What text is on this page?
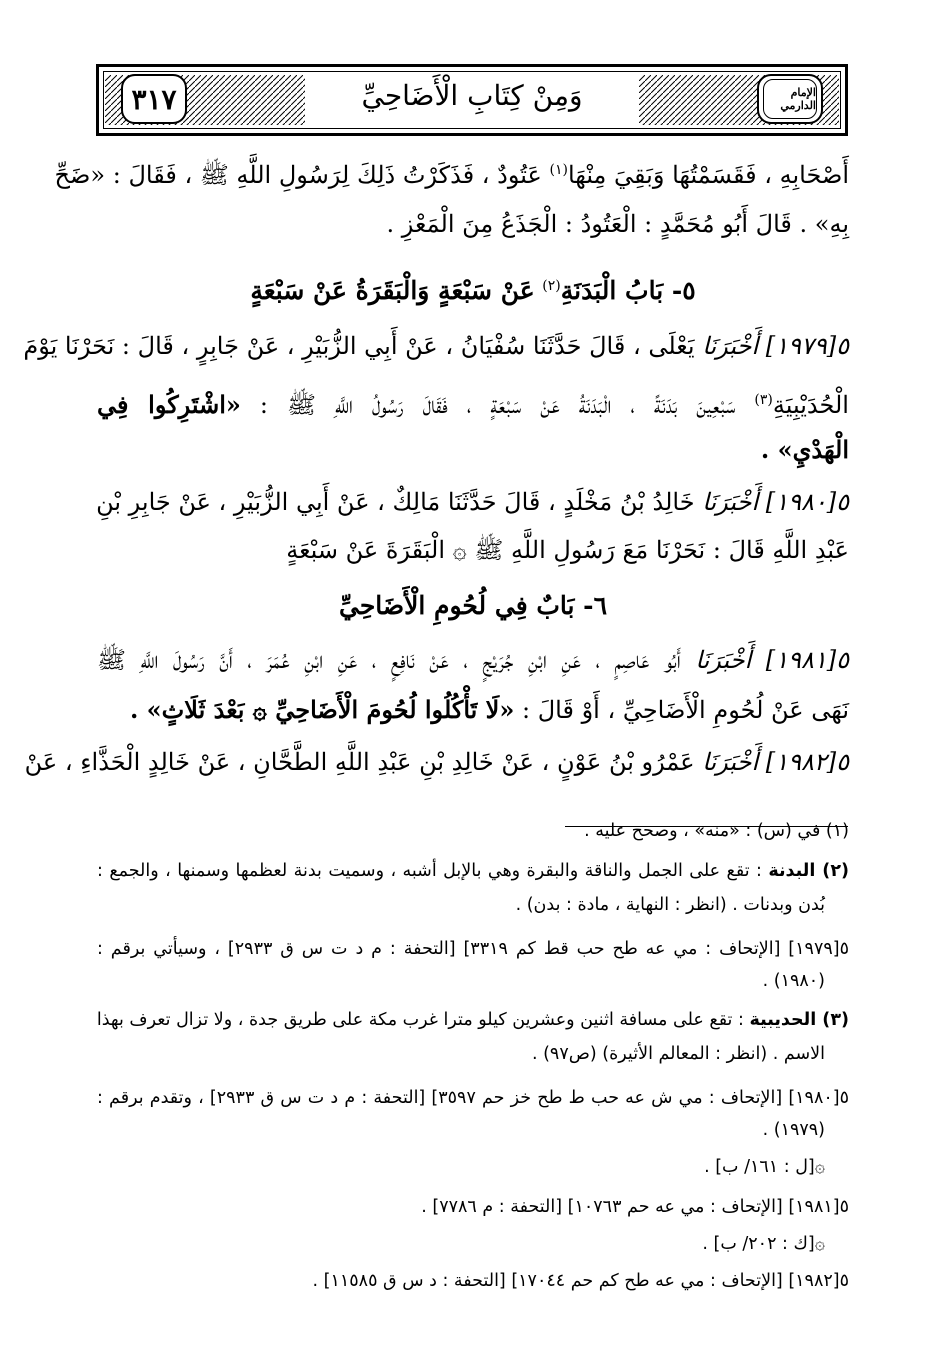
٣١٧	الإمام الدارمي
وَمِنْ كِتَابِ الْأَضَاحِيِّ
أَصْحَابِهِ ، فَقَسَمْتُهَا وَبَقِيَ مِنْهَا$^{(١)}$ عَتُودٌ ، فَذَكَرْتُ ذَلِكَ لِرَسُولِ اللَّهِ ﷺ ، فَقَالَ : «ضَحِّ
بِهِ» . قَالَ أَبُو مُحَمَّدٍ : الْعَتُودُ : الْجَذَعُ مِنَ الْمَعْزِ .
٥- بَابُ الْبَدَنَةِ$^{(٢)}$ عَنْ سَبْعَةٍ وَالْبَقَرَةُ عَنْ سَبْعَةٍ
٥[١٩٧٩] أَخْبَرَنَا يَعْلَى ، قَالَ حَدَّثَنَا سُفْيَانُ ، عَنْ أَبِي الزُّبَيْرِ ، عَنْ جَابِرٍ ، قَالَ : نَحَرْنَا يَوْمَ
الْحُدَيْبِيَةِ$^{(٣)}$ سَبْعِينَ بَدَنَةً ، الْبَدَنَةُ عَنْ سَبْعَةٍ ، فَقَالَ رَسُولُ اللَّهِ ﷺ : «اشْتَرِكُوا فِي
الْهَدْيِ» .
٥[١٩٨٠] أَخْبَرَنَا خَالِدُ بْنُ مَخْلَدٍ ، قَالَ حَدَّثَنَا مَالِكٌ ، عَنْ أَبِي الزُّبَيْرِ ، عَنْ جَابِرِ بْنِ
عَبْدِ اللَّهِ قَالَ : نَحَرْنَا مَعَ رَسُولِ اللَّهِ ﷺ ۞ الْبَقَرَةَ عَنْ سَبْعَةٍ
٦- بَابٌ فِي لُحُومِ الْأَضَاحِيِّ
٥[١٩٨١] أَخْبَرَنَا أَبُو عَاصِمٍ ، عَنِ ابْنِ جُرَيْجٍ ، عَنْ نَافِعٍ ، عَنِ ابْنِ عُمَرَ ، أَنَّ رَسُولَ اللَّهِ ﷺ
نَهَى عَنْ لُحُومِ الْأَضَاحِيِّ ، أَوْ قَالَ : «لَا تَأْكُلُوا لُحُومَ الْأَضَاحِيِّ ۞ بَعْدَ ثَلَاثٍ» .
٥[١٩٨٢] أَخْبَرَنَا عَمْرُو بْنُ عَوْنٍ ، عَنْ خَالِدِ بْنِ عَبْدِ اللَّهِ الطَّحَّانِ ، عَنْ خَالِدٍ الْحَذَّاءِ ، عَنْ
(١) في (س) : «منه» ، وصحح عليه .
(٢) البدنة : تقع على الجمل والناقة والبقرة وهي بالإبل أشبه ، وسميت بدنة لعظمها وسمنها ، والجمع :
بُدن وبدنات . (انظر : النهاية ، مادة : بدن) .
٥[١٩٧٩] [الإتحاف : مي عه طح حب قط كم ٣٣١٩] [التحفة : م د ت س ق ٢٩٣٣] ، وسيأتي برقم :
(١٩٨٠) .
(٣) الحديبية : تقع على مسافة اثنين وعشرين كيلو مترا غرب مكة على طريق جدة ، ولا تزال تعرف بهذا
الاسم . (انظر : المعالم الأثيرة) (ص٩٧) .
٥[١٩٨٠] [الإتحاف : مي ش عه حب ط طح خز حم ٣٥٩٧] [التحفة : م د ت س ق ٢٩٣٣] ، وتقدم برقم :
(١٩٧٩) .
۞[ل : ١٦١/ ب] .
٥[١٩٨١] [الإتحاف : مي عه حم ١٠٧٦٣] [التحفة : م ٧٧٨٦] .
۞[ك : ٢٠٢/ ب] .
٥[١٩٨٢] [الإتحاف : مي عه طح كم حم ١٧٠٤٤] [التحفة : د س ق ١١٥٨٥] .
